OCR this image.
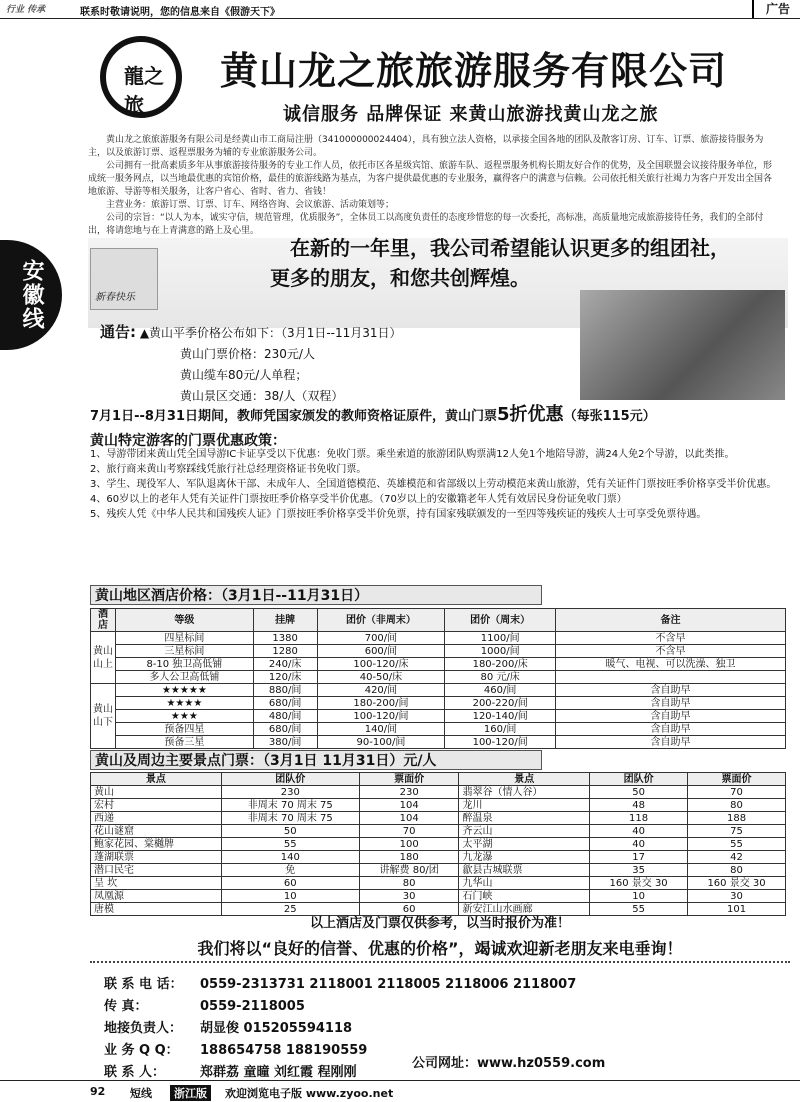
行业 传承	联系时敬请说明，您的信息来自《假游天下》	广告
安徽线
龍之旅
黄山龙之旅旅游服务有限公司
诚信服务 品牌保证 来黄山旅游找黄山龙之旅

黄山龙之旅旅游服务有限公司是经黄山市工商局注册（341000000024404），具有独立法人资格，以承接全国各地的团队及散客订房、订车、订票、旅游接待服务为主，以及旅游订票、返程票服务为辅的专业旅游服务公司。

公司拥有一批高素质多年从事旅游接待服务的专业工作人员，依托市区各星级宾馆、旅游车队、返程票服务机构长期友好合作的优势，及全国联盟会议接待服务单位，形成统一服务网点，以当地最优惠的宾馆价格，最佳的旅游线路为基点，为客户提供最优惠的专业服务，赢得客户的满意与信赖。公司依托相关旅行社竭力为客户开发出全国各地旅游、导游等相关服务，让客户省心、省时、省力、省钱！

主营业务：旅游订票、订票、订车、网络咨询、会议旅游、活动策划等；

公司的宗旨：“以人为本，诚实守信，规范管理，优质服务”，全体员工以高度负责任的态度珍惜您的每一次委托，高标准，高质量地完成旅游接待任务，我们的全部付出，将请您地与在上青满意的路上及心里。

新春快乐
在新的一年里，我公司希望能认识更多的组团社，
更多的朋友，和您共创辉煌。
通告: ▲黄山平季价格公布如下：（3月1日--11月31日）
黄山门票价格：230元/人
黄山缆车80元/人单程；
黄山景区交通：38/人（双程）
7月1日--8月31日期间，教师凭国家颁发的教师资格证原件，黄山门票5折优惠（每张115元）
黄山特定游客的门票优惠政策：
1、导游带团来黄山凭全国导游IC卡证享受以下优惠：免收门票。乘坐索道的旅游团队购票满12人免1个地陪导游，满24人免2个导游，以此类推。
2、旅行商来黄山考察踩线凭旅行社总经理资格证书免收门票。
3、学生、现役军人、军队退离休干部、未成年人、全国道德模范、英雄模范和省部级以上劳动模范来黄山旅游，凭有关证件门票按旺季价格享受半价优惠。
4、60岁以上的老年人凭有关证件门票按旺季价格享受半价优惠。（70岁以上的安徽籍老年人凭有效居民身份证免收门票）
5、残疾人凭《中华人民共和国残疾人证》门票按旺季价格享受半价免票，持有国家残联颁发的一至四等残疾证的残疾人士可享受免票待遇。
黄山地区酒店价格：（3月1日--11月31日）
酒 店	等级	挂牌	团价（非周末）	团价（周末）	备注
黄山山上	四星标间	1380	700/间	1100/间	不含早
	三星标间	1280	600/间	1000/间	不含早
	8-10 独卫高低铺	240/床	100-120/床	180-200/床	暖气、电视、可以洗澡、独卫
	多人公卫高低铺	120/床	40-50/床	80 元/床	
黄山山下	★★★★★	880/间	420/间	460/间	含自助早
	★★★★	680/间	180-200/间	200-220/间	含自助早
	★★★	480/间	100-120/间	120-140/间	含自助早
	预备四星	680/间	140/间	160/间	含自助早
	预备三星	380/间	90-100/间	100-120/间	含自助早
黄山及周边主要景点门票：（3月1日 11月31日）元/人
景点	团队价	票面价	景点	团队价	票面价
黄山	230	230	翡翠谷（情人谷）	50	70
宏村	非周末 70 周末 75	104	龙川	48	80
西递	非周末 70 周末 75	104	醉温泉	118	188
花山谜窟	50	70	齐云山	40	75
鲍家花园、棠樾牌	55	100	太平湖	40	55
蓬湖联票	140	180	九龙瀑	17	42
潜口民宅	免	讲解费 80/团	歙县古城联票	35	80
呈 坎	60	80	九华山	160 景交 30	160 景交 30
凤凰源	10	30	石门峡	10	30
唐模	25	60	新安江山水画廊	55	101
以上酒店及门票仅供参考，以当时报价为准！
我们将以“良好的信誉、优惠的价格”，竭诚欢迎新老朋友来电垂询！
联 系 电 话： 0559-2313731 2118001 2118005 2118006 2118007
传 真：	0559-2118005
地接负责人： 胡显俊 015205594118
业 务 Q Q： 188654758 188190559
联 系 人：	郑群荔 童曈 刘红霞 程刚刚
公司网址：www.hz0559.com
92 短线	浙江版	欢迎浏览电子版 www.zyoo.net
